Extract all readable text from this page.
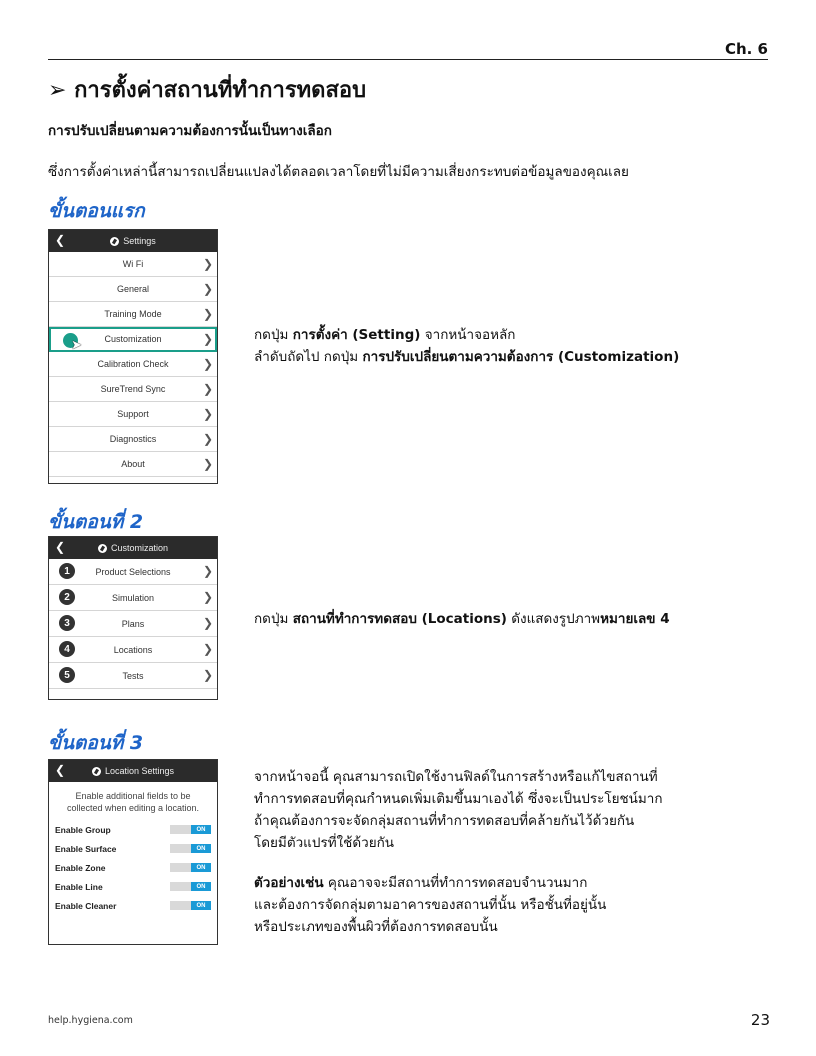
Ch. 6
➢ การตั้งค่าสถานที่ทำการทดสอบ
การปรับเปลี่ยนตามความต้องการนั้นเป็นทางเลือก
ซึ่งการตั้งค่าเหล่านี้สามารถเปลี่ยนแปลงได้ตลอดเวลาโดยที่ไม่มีความเสี่ยงกระทบต่อข้อมูลของคุณเลย
ขั้นตอนแรก
❮	Settings
Wi Fi	❯
General	❯
Training Mode	❯
➤	Customization	❯
Calibration Check	❯
SureTrend Sync	❯
Support	❯
Diagnostics	❯
About	❯
กดปุ่ม การตั้งค่า (Setting) จากหน้าจอหลัก
ลำดับถัดไป กดปุ่ม การปรับเปลี่ยนตามความต้องการ (Customization)
ขั้นตอนที่ 2
❮	Customization
1	Product Selections	❯
2	Simulation	❯
3	Plans	❯
4	Locations	❯
5	Tests	❯
กดปุ่ม สถานที่ทำการทดสอบ (Locations) ดังแสดงรูปภาพหมายเลข 4
ขั้นตอนที่ 3
❮	Location Settings
Enable additional fields to be collected when editing a location.
Enable Group	ON
Enable Surface	ON
Enable Zone	ON
Enable Line	ON
Enable Cleaner	ON
จากหน้าจอนี้ คุณสามารถเปิดใช้งานฟิลด์ในการสร้างหรือแก้ไขสถานที่
ทำการทดสอบที่คุณกำหนดเพิ่มเติมขึ้นมาเองได้ ซึ่งจะเป็นประโยชน์มาก
ถ้าคุณต้องการจะจัดกลุ่มสถานที่ทำการทดสอบที่คล้ายกันไว้ด้วยกัน
โดยมีตัวแปรที่ใช้ด้วยกัน
ตัวอย่างเช่น คุณอาจจะมีสถานที่ทำการทดสอบจำนวนมาก
และต้องการจัดกลุ่มตามอาคารของสถานที่นั้น หรือชั้นที่อยู่นั้น
หรือประเภทของพื้นผิวที่ต้องการทดสอบนั้น
help.hygiena.com	23
